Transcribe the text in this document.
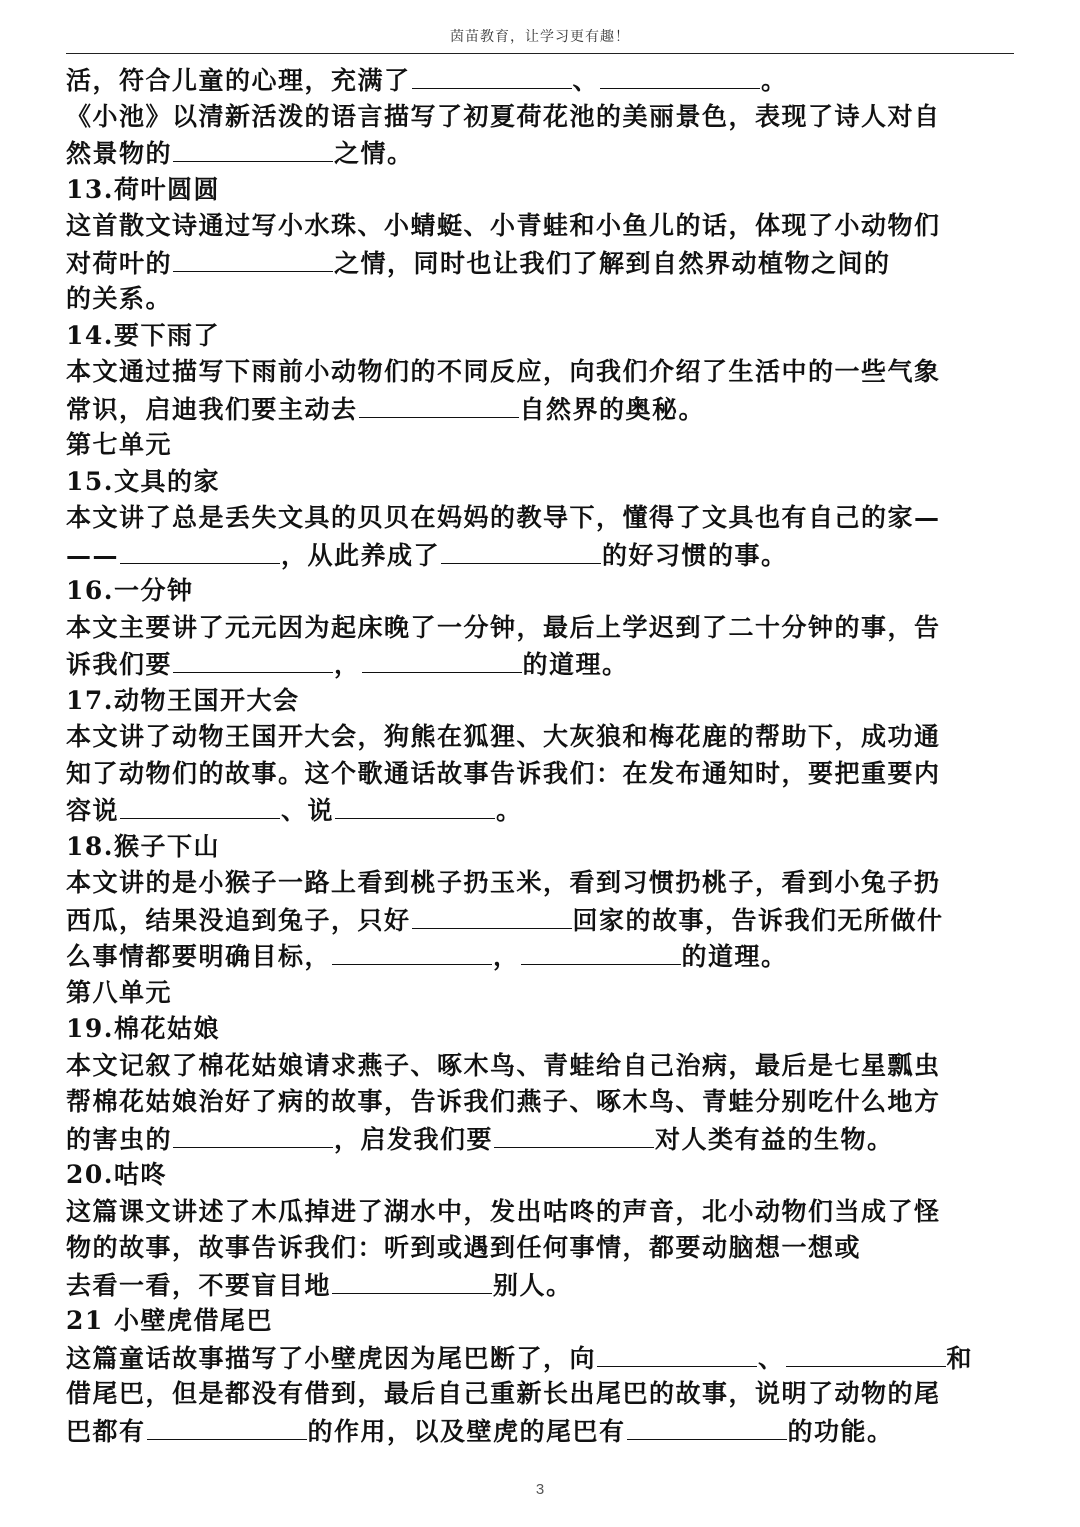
茵苗教育，让学习更有趣！
活，符合儿童的心理，充满了	、	。
《小池》以清新活泼的语言描写了初夏荷花池的美丽景色，表现了诗人对自
然景物的	之情。
13.荷叶圆圆
这首散文诗通过写小水珠、小蜻蜓、小青蛙和小鱼儿的话，体现了小动物们
对荷叶的	之情，同时也让我们了解到自然界动植物之间的
的关系。
14.要下雨了
本文通过描写下雨前小动物们的不同反应，向我们介绍了生活中的一些气象
常识，启迪我们要主动去	自然界的奥秘。
第七单元
15.文具的家
本文讲了总是丢失文具的贝贝在妈妈的教导下，懂得了文具也有自己的家—
——	，从此养成了	的好习惯的事。
16.一分钟
本文主要讲了元元因为起床晚了一分钟，最后上学迟到了二十分钟的事，告
诉我们要	，	的道理。
17.动物王国开大会
本文讲了动物王国开大会，狗熊在狐狸、大灰狼和梅花鹿的帮助下，成功通
知了动物们的故事。这个歌通话故事告诉我们：在发布通知时，要把重要内
容说	、说	。
18.猴子下山
本文讲的是小猴子一路上看到桃子扔玉米，看到习惯扔桃子，看到小兔子扔
西瓜，结果没追到兔子，只好	回家的故事，告诉我们无所做什
么事情都要明确目标，	，	的道理。
第八单元
19.棉花姑娘
本文记叙了棉花姑娘请求燕子、啄木鸟、青蛙给自己治病，最后是七星瓢虫
帮棉花姑娘治好了病的故事，告诉我们燕子、啄木鸟、青蛙分别吃什么地方
的害虫的	，启发我们要	对人类有益的生物。
20.咕咚
这篇课文讲述了木瓜掉进了湖水中，发出咕咚的声音，北小动物们当成了怪
物的故事，故事告诉我们：听到或遇到任何事情，都要动脑想一想或
去看一看，不要盲目地	别人。
21 小壁虎借尾巴
这篇童话故事描写了小壁虎因为尾巴断了，向	、	和
借尾巴，但是都没有借到，最后自己重新长出尾巴的故事，说明了动物的尾
巴都有	的作用，以及壁虎的尾巴有	的功能。
3
